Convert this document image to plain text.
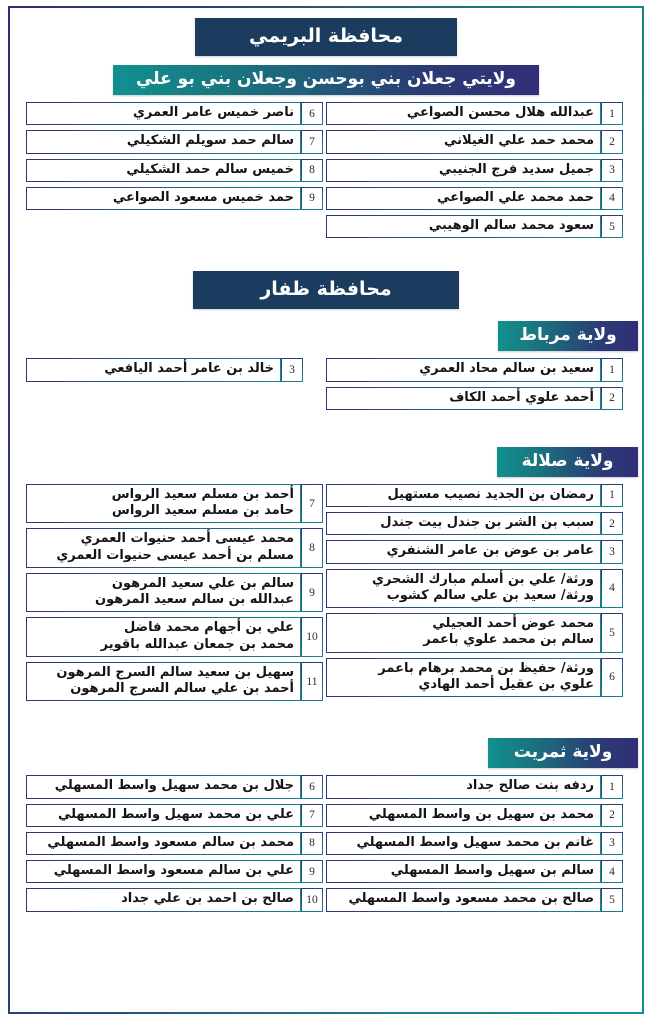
محافظة البريمي
ولايتي جعلان بني بوحسن وجعلان بني بو علي
1
عبدالله هلال محسن الصواعي
2
محمد حمد علي الغيلاني
3
جميل سديد فرج الجنيبي
4
حمد محمد علي الصواعي
5
سعود محمد سالم الوهيبي
6
ناصر خميس عامر العمري
7
سالم حمد سويلم الشكيلي
8
خميس سالم حمد الشكيلي
9
حمد خميس مسعود الصواعي
محافظة ظفار
ولاية مرباط
1
سعيد بن سالم محاد العمري
2
أحمد علوي أحمد الكاف
3
خالد بن عامر أحمد اليافعي
ولاية صلالة
1
رمضان بن الجديد نصيب مستهيل
2
سبب بن الشر بن جندل بيت جندل
3
عامر بن عوض بن عامر الشنفري
4
ورثة/ علي بن أسلم مبارك الشحري
ورثة/ سعيد بن علي سالم كشوب
5
محمد عوض أحمد العجيلي
سالم بن محمد علوي باعمر
6
ورثة/ حفيظ بن محمد برهام باعمر
علوي بن عقيل أحمد الهادي
7
أحمد بن مسلم سعيد الرواس
حامد بن مسلم سعيد الرواس
8
محمد عيسى أحمد حنيوات العمري
مسلم بن أحمد عيسى حنيوات العمري
9
سالم بن علي سعيد المرهون
عبدالله بن سالم سعيد المرهون
10
علي بن أجهام محمد فاضل
محمد بن جمعان عبدالله باقوير
11
سهيل بن سعيد سالم السرج المرهون
أحمد بن علي سالم السرج المرهون
ولاية ثمريت
1
ردفه بنت صالح جداد
2
محمد بن سهيل بن واسط المسهلي
3
غانم بن محمد سهيل واسط المسهلي
4
سالم بن سهيل واسط المسهلي
5
صالح بن محمد مسعود واسط المسهلي
6
جلال بن محمد سهيل واسط المسهلي
7
علي بن محمد سهيل واسط المسهلي
8
محمد بن سالم مسعود واسط المسهلي
9
علي بن سالم مسعود واسط المسهلي
10
صالح بن احمد بن علي جداد
